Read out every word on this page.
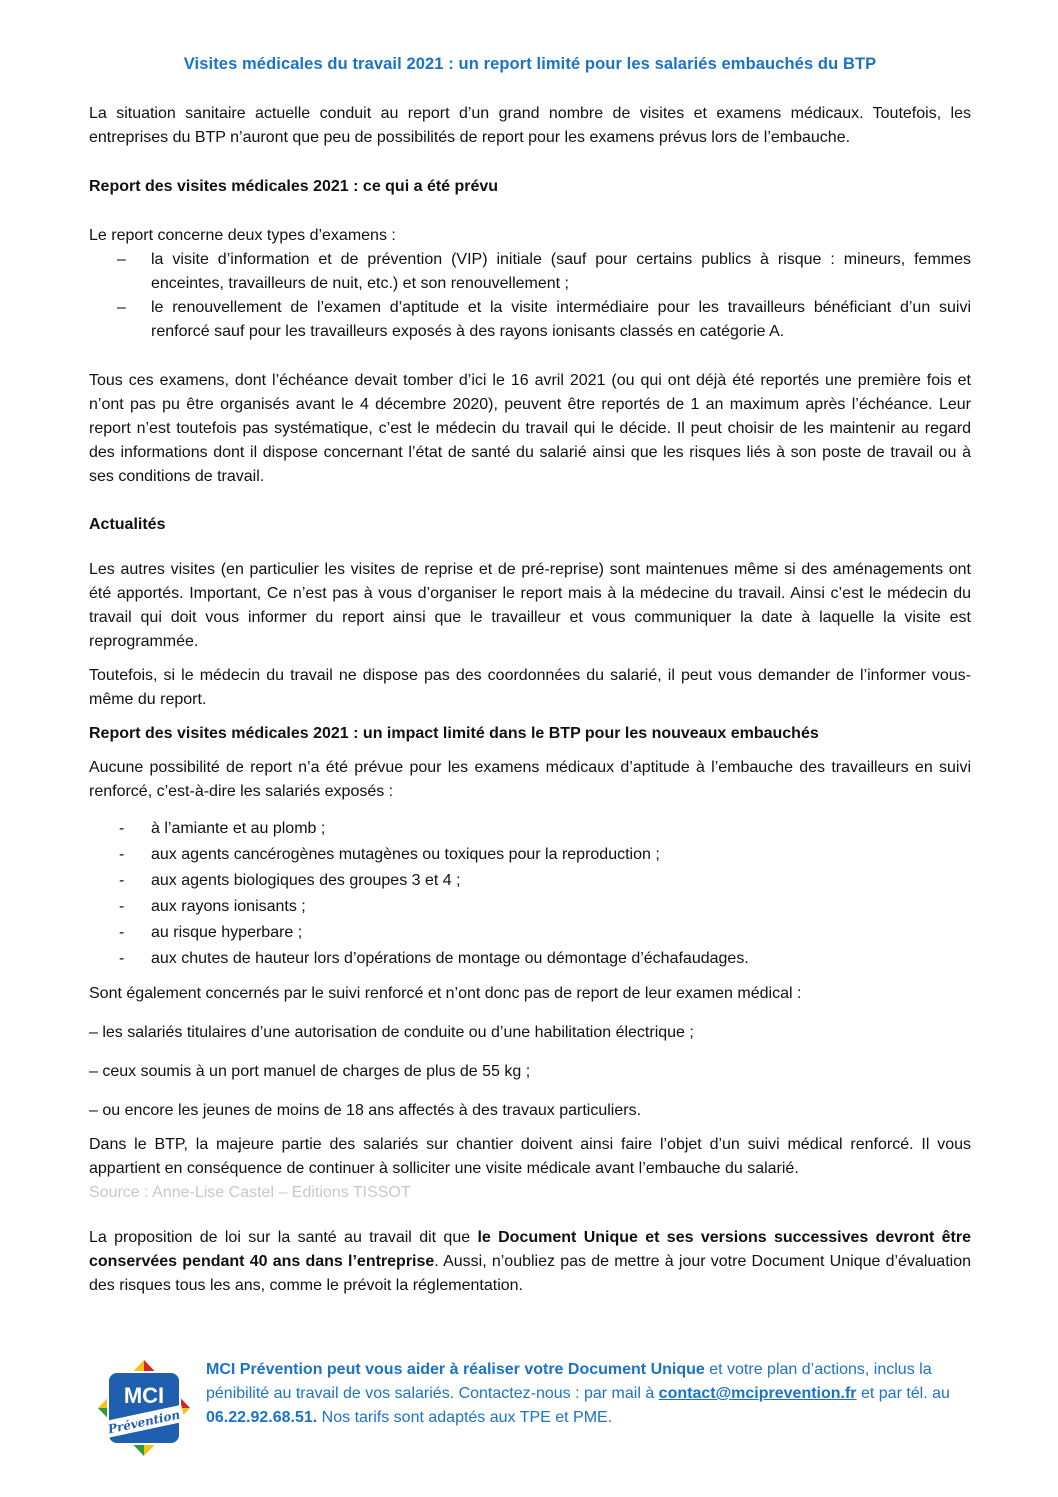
Visites médicales du travail 2021 : un report limité pour les salariés embauchés du BTP

La situation sanitaire actuelle conduit au report d’un grand nombre de visites et examens médicaux. Toutefois, les entreprises du BTP n’auront que peu de possibilités de report pour les examens prévus lors de l’embauche.

Report des visites médicales 2021 : ce qui a été prévu

Le report concerne deux types d’examens :

– la visite d’information et de prévention (VIP) initiale (sauf pour certains publics à risque : mineurs, femmes enceintes, travailleurs de nuit, etc.) et son renouvellement ;
– le renouvellement de l’examen d’aptitude et la visite intermédiaire pour les travailleurs bénéficiant d’un suivi renforcé sauf pour les travailleurs exposés à des rayons ionisants classés en catégorie A.

Tous ces examens, dont l’échéance devait tomber d’ici le 16 avril 2021 (ou qui ont déjà été reportés une première fois et n’ont pas pu être organisés avant le 4 décembre 2020), peuvent être reportés de 1 an maximum après l’échéance. Leur report n’est toutefois pas systématique, c’est le médecin du travail qui le décide. Il peut choisir de les maintenir au regard des informations dont il dispose concernant l’état de santé du salarié ainsi que les risques liés à son poste de travail ou à ses conditions de travail.

Actualités

Les autres visites (en particulier les visites de reprise et de pré-reprise) sont maintenues même si des aménagements ont été apportés. Important, Ce n’est pas à vous d’organiser le report mais à la médecine du travail. Ainsi c’est le médecin du travail qui doit vous informer du report ainsi que le travailleur et vous communiquer la date à laquelle la visite est reprogrammée.

Toutefois, si le médecin du travail ne dispose pas des coordonnées du salarié, il peut vous demander de l’informer vous-même du report.

Report des visites médicales 2021 : un impact limité dans le BTP pour les nouveaux embauchés

Aucune possibilité de report n’a été prévue pour les examens médicaux d’aptitude à l’embauche des travailleurs en suivi renforcé, c’est-à-dire les salariés exposés :

- à l’amiante et au plomb ;
- aux agents cancérogènes mutagènes ou toxiques pour la reproduction ;
- aux agents biologiques des groupes 3 et 4 ;
- aux rayons ionisants ;
- au risque hyperbare ;
- aux chutes de hauteur lors d’opérations de montage ou démontage d’échafaudages.

Sont également concernés par le suivi renforcé et n’ont donc pas de report de leur examen médical :

– les salariés titulaires d’une autorisation de conduite ou d’une habilitation électrique ;

– ceux soumis à un port manuel de charges de plus de 55 kg ;

– ou encore les jeunes de moins de 18 ans affectés à des travaux particuliers.

Dans le BTP, la majeure partie des salariés sur chantier doivent ainsi faire l’objet d’un suivi médical renforcé. Il vous appartient en conséquence de continuer à solliciter une visite médicale avant l’embauche du salarié.
Source : Anne-Lise Castel – Editions TISSOT

La proposition de loi sur la santé au travail dit que le Document Unique et ses versions successives devront être conservées pendant 40 ans dans l’entreprise. Aussi, n’oubliez pas de mettre à jour votre Document Unique d’évaluation des risques tous les ans, comme le prévoit la réglementation.

MCI
Prévention
MCI Prévention peut vous aider à réaliser votre Document Unique et votre plan d’actions, inclus la pénibilité au travail de vos salariés. Contactez-nous : par mail à contact@mciprevention.fr et par tél. au 06.22.92.68.51. Nos tarifs sont adaptés aux TPE et PME.
